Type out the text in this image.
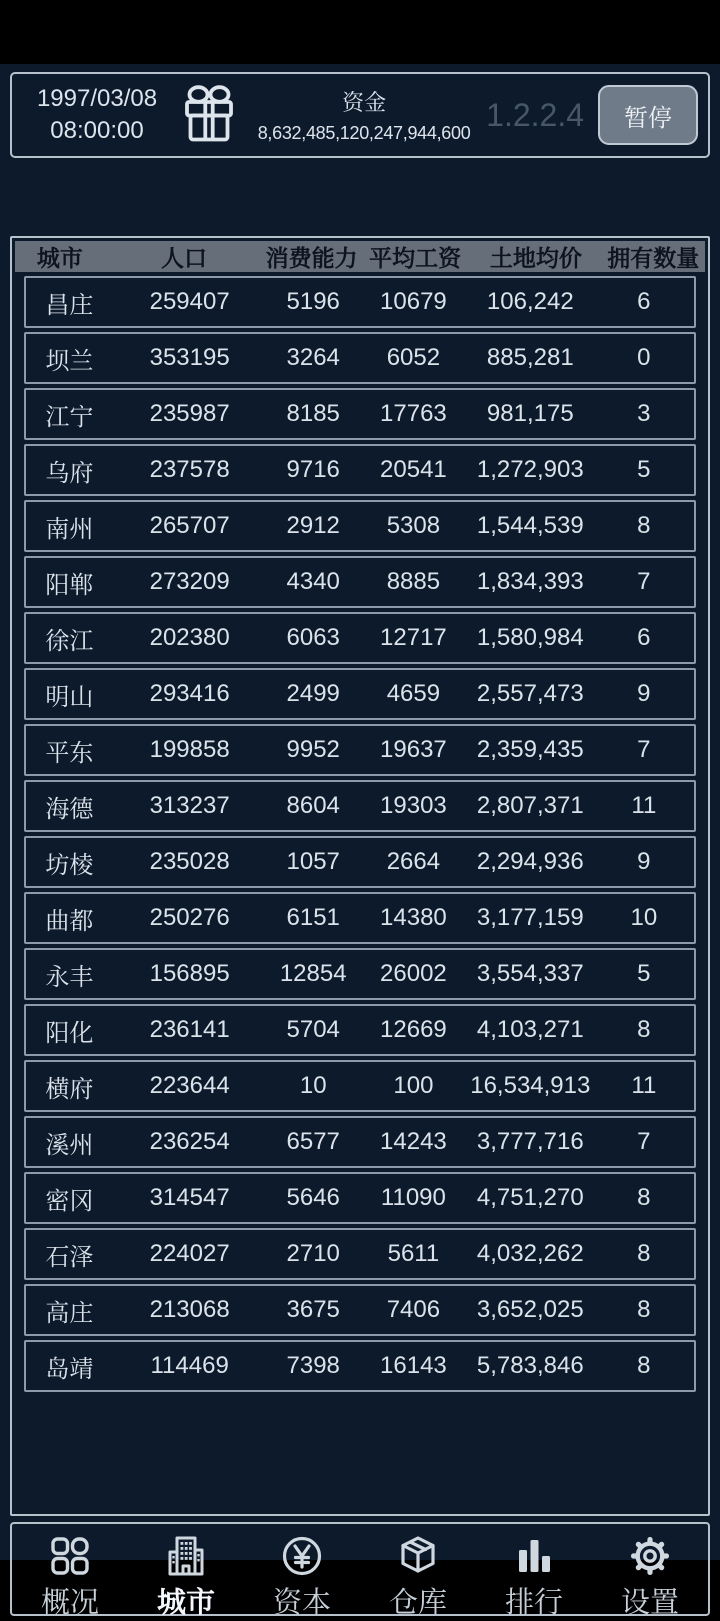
1997/03/08
08:00:00
资金
8,632,485,120,247,944,600
1.2.2.4	暂停
城市	人口	消费能力 平均工资	土地均价	拥有数量
昌庄	259407	5196	10679	106,242	6
坝兰	353195	3264	6052	885,281	0
江宁	235987	8185	17763	981,175	3
乌府	237578	9716	20541	1,272,903	5
南州	265707	2912	5308	1,544,539	8
阳郸	273209	4340	8885	1,834,393	7
徐江	202380	6063	12717	1,580,984	6
明山	293416	2499	4659	2,557,473	9
平东	199858	9952	19637	2,359,435	7
海德	313237	8604	19303	2,807,371	11
坊棱	235028	1057	2664	2,294,936	9
曲都	250276	6151	14380	3,177,159	10
永丰	156895	12854	26002	3,554,337	5
阳化	236141	5704	12669	4,103,271	8
横府	223644	10	100	16,534,913	11
溪州	236254	6577	14243	3,777,716	7
密冈	314547	5646	11090	4,751,270	8
石泽	224027	2710	5611	4,032,262	8
高庄	213068	3675	7406	3,652,025	8
岛靖	114469	7398	16143	5,783,846	8
概况 城市 资本 仓库 排行 设置
